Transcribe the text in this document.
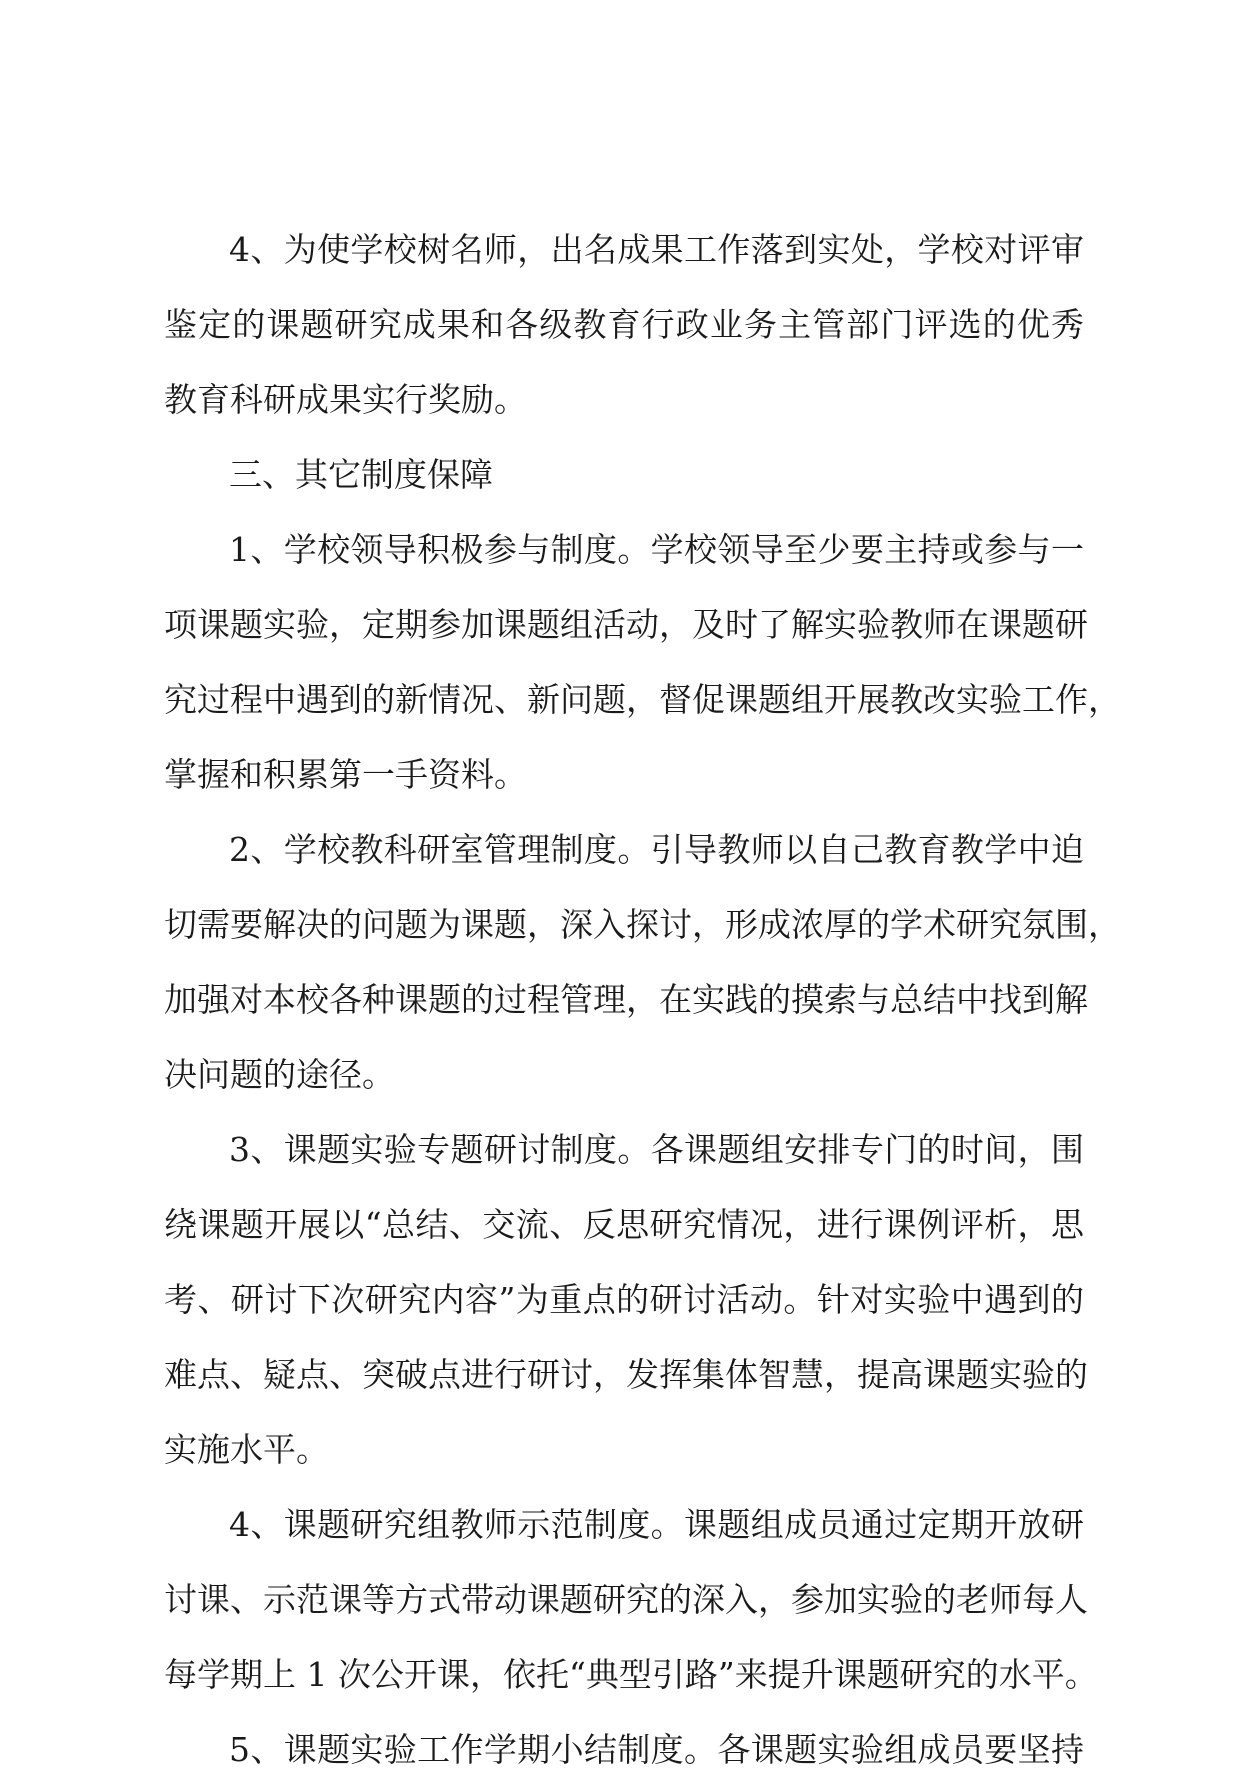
4、为使学校树名师，出名成果工作落到实处，学校对评审
鉴定的课题研究成果和各级教育行政业务主管部门评选的优秀
教育科研成果实行奖励。
三、其它制度保障
1、学校领导积极参与制度。学校领导至少要主持或参与一
项课题实验，定期参加课题组活动，及时了解实验教师在课题研
究过程中遇到的新情况、新问题，督促课题组开展教改实验工作，
掌握和积累第一手资料。
2、学校教科研室管理制度。引导教师以自己教育教学中迫
切需要解决的问题为课题，深入探讨，形成浓厚的学术研究氛围，
加强对本校各种课题的过程管理，在实践的摸索与总结中找到解
决问题的途径。
3、课题实验专题研讨制度。各课题组安排专门的时间，围
绕课题开展以“总结、交流、反思研究情况，进行课例评析，思
考、研讨下次研究内容”为重点的研讨活动。针对实验中遇到的
难点、疑点、突破点进行研讨，发挥集体智慧，提高课题实验的
实施水平。
4、课题研究组教师示范制度。课题组成员通过定期开放研
讨课、示范课等方式带动课题研究的深入，参加实验的老师每人
每学期上 1 次公开课，依托“典型引路”来提升课题研究的水平。
5、课题实验工作学期小结制度。各课题实验组成员要坚持
